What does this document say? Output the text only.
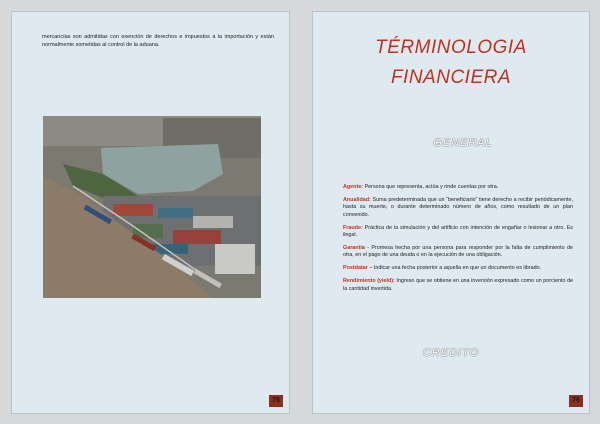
mercancías son admitidas con exención de derechos e impuestos a la importación y están normalmente sometidas al control de la aduana.

75
TÉRMINOLOGIA
FINANCIERA
GENERAL

Agente: Persona que representa, actúa y rinde cuentas por otra.

Anualidad: Suma predeterminada que un “beneficiario” tiene derecho a recibir periódicamente, hasta su muerte, o durante determinado número de años, como resultado de un plan convenido.

Fraude: Práctica de la simulación y del artificio con intención de engañar o lesionar a otro. Es ilegal.

Garantía - Promesa hecha por una persona para responder por la falta de cumplimiento de otra, en el pago de una deuda o en la ejecución de una obligación.

Postdatar – Indicar una fecha posterior a aquella en que un documento es librado.

Rendimiento (yield): Ingreso que se obtiene en una inversión expresado como un porciento de la cantidad invertida.

CREDITO
76
